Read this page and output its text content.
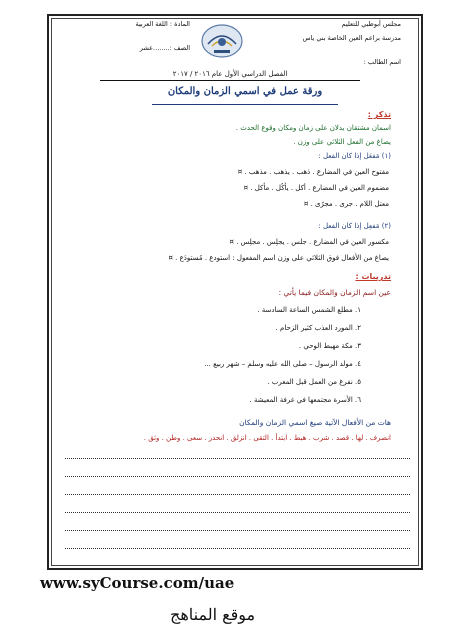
مجلس أبوظبي للتعليم
مدرسة براعم العين الخاصة بني ياس
المادة : اللغة العربية
الصف :........عشر
اسم الطالب :
الفصل الدراسي الأول عام ٢٠١٦ / ٢٠١٧
ورقة عمل في اسمي الزمان والمكان
تذكر :
اسمان مشتقان يدلان على زمان ومكان وقوع الحدث .
يصاغ من الفعل الثلاثي على وزن .
(١) مَفعَل إذا كان الفعل :
مفتوح العين في المضارع . ذهب . يذهب . مذهب . ¤
مضموم العين في المضارع . أكل . يأكُل . مأكل . ¤
معتل اللام . جرى . مجرًى . ¤
(٢) مَفعِل إذا كان الفعل :
مكسور العين في المضارع . جلس . يجلِس . مجلِس . ¤
يصاغ من الأفعال فوق الثلاثي على وزن اسم المفعول : استودع . مُستودَع . ¤
تدريبات :
عين اسم الزمان والمكان فيما يأتي :
١. مطلع الشمس الساعة السادسة .
٢. المورد العذب كثير الزحام .
٣. مكة مهبط الوحي .
٤. مولد الرسول – صلى الله عليه وسلم – شهر ربيع ...
٥. نفرغ من العمل قبل المغرب .
٦. الأسرة مجتمعها في غرفة المعيشة .
هات من الأفعال الآتية صيغ اسمي الزمان والمكان
انصرف . لها . قصد . شرب . هبط . ابتدأ . التقى . انزلق . انحدر . سعى . وطن . وثق .
www.syCourse.com/uae
موقع المناهج
